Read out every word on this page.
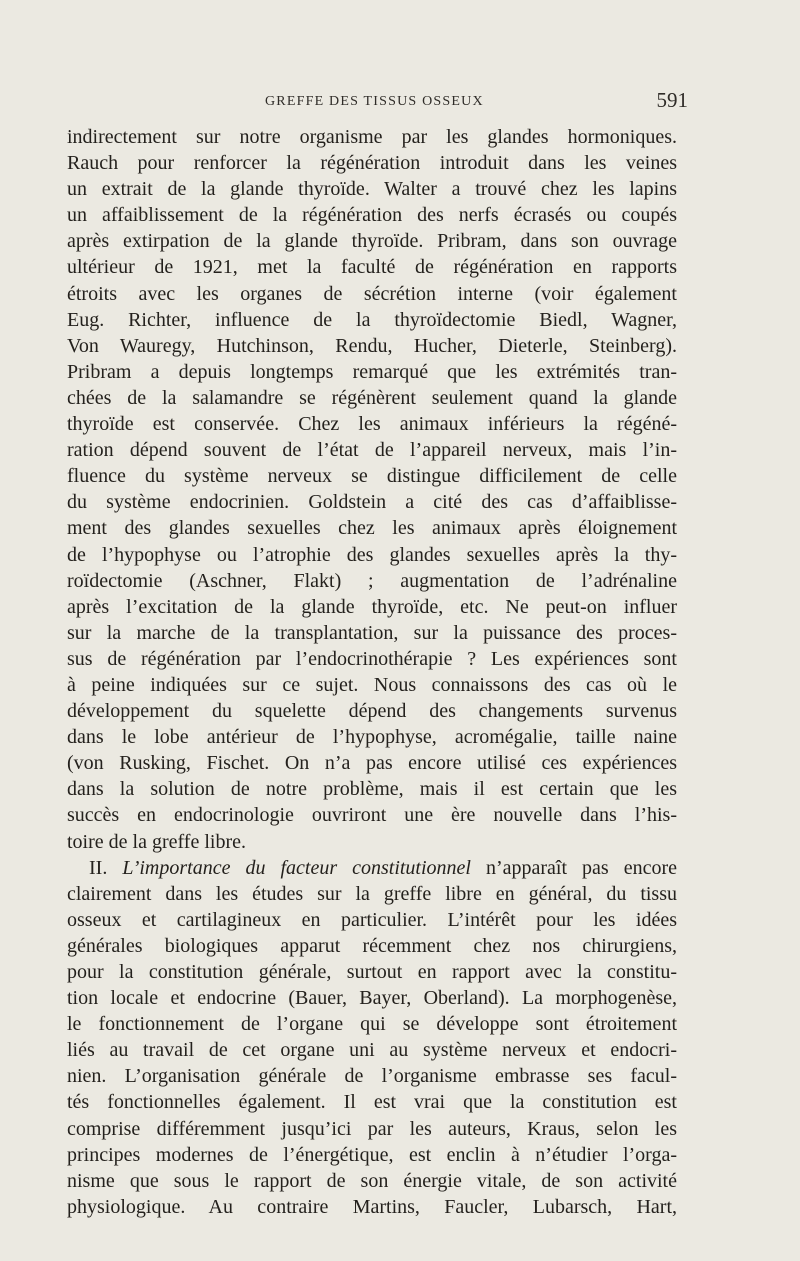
GREFFE DES TISSUS OSSEUX	591
indirectement sur notre organisme par les glandes hormoniques.
Rauch pour renforcer la régénération introduit dans les veines
un extrait de la glande thyroïde. Walter a trouvé chez les lapins
un affaiblissement de la régénération des nerfs écrasés ou coupés
après extirpation de la glande thyroïde. Pribram, dans son ouvrage
ultérieur de 1921, met la faculté de régénération en rapports
étroits avec les organes de sécrétion interne (voir également
Eug. Richter, influence de la thyroïdectomie Biedl, Wagner,
Von Wauregy, Hutchinson, Rendu, Hucher, Dieterle, Steinberg).
Pribram a depuis longtemps remarqué que les extrémités tran-
chées de la salamandre se régénèrent seulement quand la glande
thyroïde est conservée. Chez les animaux inférieurs la régéné-
ration dépend souvent de l’état de l’appareil nerveux, mais l’in-
fluence du système nerveux se distingue difficilement de celle
du système endocrinien. Goldstein a cité des cas d’affaiblisse-
ment des glandes sexuelles chez les animaux après éloignement
de l’hypophyse ou l’atrophie des glandes sexuelles après la thy-
roïdectomie (Aschner, Flakt) ; augmentation de l’adrénaline
après l’excitation de la glande thyroïde, etc. Ne peut-on influer
sur la marche de la transplantation, sur la puissance des proces-
sus de régénération par l’endocrinothérapie ? Les expériences sont
à peine indiquées sur ce sujet. Nous connaissons des cas où le
développement du squelette dépend des changements survenus
dans le lobe antérieur de l’hypophyse, acromégalie, taille naine
(von Rusking, Fischet. On n’a pas encore utilisé ces expériences
dans la solution de notre problème, mais il est certain que les
succès en endocrinologie ouvriront une ère nouvelle dans l’his-
toire de la greffe libre.
II. L’importance du facteur constitutionnel n’apparaît pas encore
clairement dans les études sur la greffe libre en général, du tissu
osseux et cartilagineux en particulier. L’intérêt pour les idées
générales biologiques apparut récemment chez nos chirurgiens,
pour la constitution générale, surtout en rapport avec la constitu-
tion locale et endocrine (Bauer, Bayer, Oberland). La morphogenèse,
le fonctionnement de l’organe qui se développe sont étroitement
liés au travail de cet organe uni au système nerveux et endocri-
nien. L’organisation générale de l’organisme embrasse ses facul-
tés fonctionnelles également. Il est vrai que la constitution est
comprise différemment jusqu’ici par les auteurs, Kraus, selon les
principes modernes de l’énergétique, est enclin à n’étudier l’orga-
nisme que sous le rapport de son énergie vitale, de son activité
physiologique. Au contraire Martins, Faucler, Lubarsch, Hart,
